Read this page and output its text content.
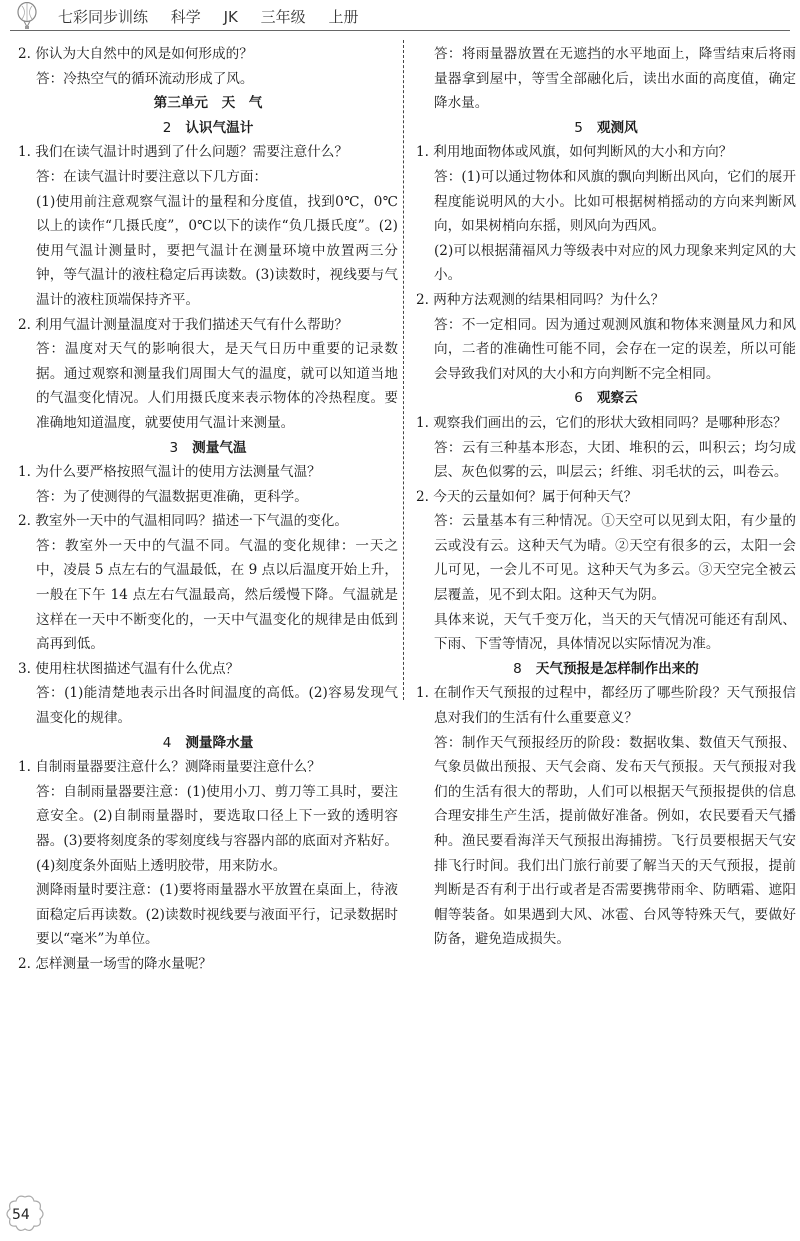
七彩同步训练 科学 JK 三年级 上册

2. 你认为大自然中的风是如何形成的？

答：冷热空气的循环流动形成了风。

第三单元　天　气

2 认识气温计

1. 我们在读气温计时遇到了什么问题？需要注意什么？

答：在读气温计时要注意以下几方面：

(1)使用前注意观察气温计的量程和分度值，找到0℃，0℃以上的读作“几摄氏度”，0℃以下的读作“负几摄氏度”。(2)使用气温计测量时，要把气温计在测量环境中放置两三分钟，等气温计的液柱稳定后再读数。(3)读数时，视线要与气温计的液柱顶端保持齐平。

2. 利用气温计测量温度对于我们描述天气有什么帮助？

答：温度对天气的影响很大，是天气日历中重要的记录数据。通过观察和测量我们周围大气的温度，就可以知道当地的气温变化情况。人们用摄氏度来表示物体的冷热程度。要准确地知道温度，就要使用气温计来测量。

3 测量气温

1. 为什么要严格按照气温计的使用方法测量气温？

答：为了使测得的气温数据更准确，更科学。

2. 教室外一天中的气温相同吗？描述一下气温的变化。

答：教室外一天中的气温不同。气温的变化规律：一天之中，凌晨 5 点左右的气温最低，在 9 点以后温度开始上升，一般在下午 14 点左右气温最高，然后缓慢下降。气温就是这样在一天中不断变化的，一天中气温变化的规律是由低到高再到低。

3. 使用柱状图描述气温有什么优点？

答：(1)能清楚地表示出各时间温度的高低。(2)容易发现气温变化的规律。

4 测量降水量

1. 自制雨量器要注意什么？测降雨量要注意什么？

答：自制雨量器要注意：(1)使用小刀、剪刀等工具时，要注意安全。(2)自制雨量器时，要选取口径上下一致的透明容器。(3)要将刻度条的零刻度线与容器内部的底面对齐粘好。(4)刻度条外面贴上透明胶带，用来防水。

测降雨量时要注意：(1)要将雨量器水平放置在桌面上，待液面稳定后再读数。(2)读数时视线要与液面平行，记录数据时要以“毫米”为单位。

2. 怎样测量一场雪的降水量呢？

答：将雨量器放置在无遮挡的水平地面上，降雪结束后将雨量器拿到屋中，等雪全部融化后，读出水面的高度值，确定降水量。

5 观测风

1. 利用地面物体或风旗，如何判断风的大小和方向？

答：(1)可以通过物体和风旗的飘向判断出风向，它们的展开程度能说明风的大小。比如可根据树梢摇动的方向来判断风向，如果树梢向东摇，则风向为西风。

(2)可以根据蒲福风力等级表中对应的风力现象来判定风的大小。

2. 两种方法观测的结果相同吗？为什么？

答：不一定相同。因为通过观测风旗和物体来测量风力和风向，二者的准确性可能不同，会存在一定的误差，所以可能会导致我们对风的大小和方向判断不完全相同。

6 观察云

1. 观察我们画出的云，它们的形状大致相同吗？是哪种形态？

答：云有三种基本形态，大团、堆积的云，叫积云；均匀成层、灰色似雾的云，叫层云；纤维、羽毛状的云，叫卷云。

2. 今天的云量如何？属于何种天气？

答：云量基本有三种情况。①天空可以见到太阳，有少量的云或没有云。这种天气为晴。②天空有很多的云，太阳一会儿可见，一会儿不可见。这种天气为多云。③天空完全被云层覆盖，见不到太阳。这种天气为阴。

具体来说，天气千变万化，当天的天气情况可能还有刮风、下雨、下雪等情况，具体情况以实际情况为准。

8 天气预报是怎样制作出来的

1. 在制作天气预报的过程中，都经历了哪些阶段？天气预报信息对我们的生活有什么重要意义？

答：制作天气预报经历的阶段：数据收集、数值天气预报、气象员做出预报、天气会商、发布天气预报。天气预报对我们的生活有很大的帮助，人们可以根据天气预报提供的信息合理安排生产生活，提前做好准备。例如，农民要看天气播种。渔民要看海洋天气预报出海捕捞。飞行员要根据天气安排飞行时间。我们出门旅行前要了解当天的天气预报，提前判断是否有利于出行或者是否需要携带雨伞、防晒霜、遮阳帽等装备。如果遇到大风、冰雹、台风等特殊天气，要做好防备，避免造成损失。

54
